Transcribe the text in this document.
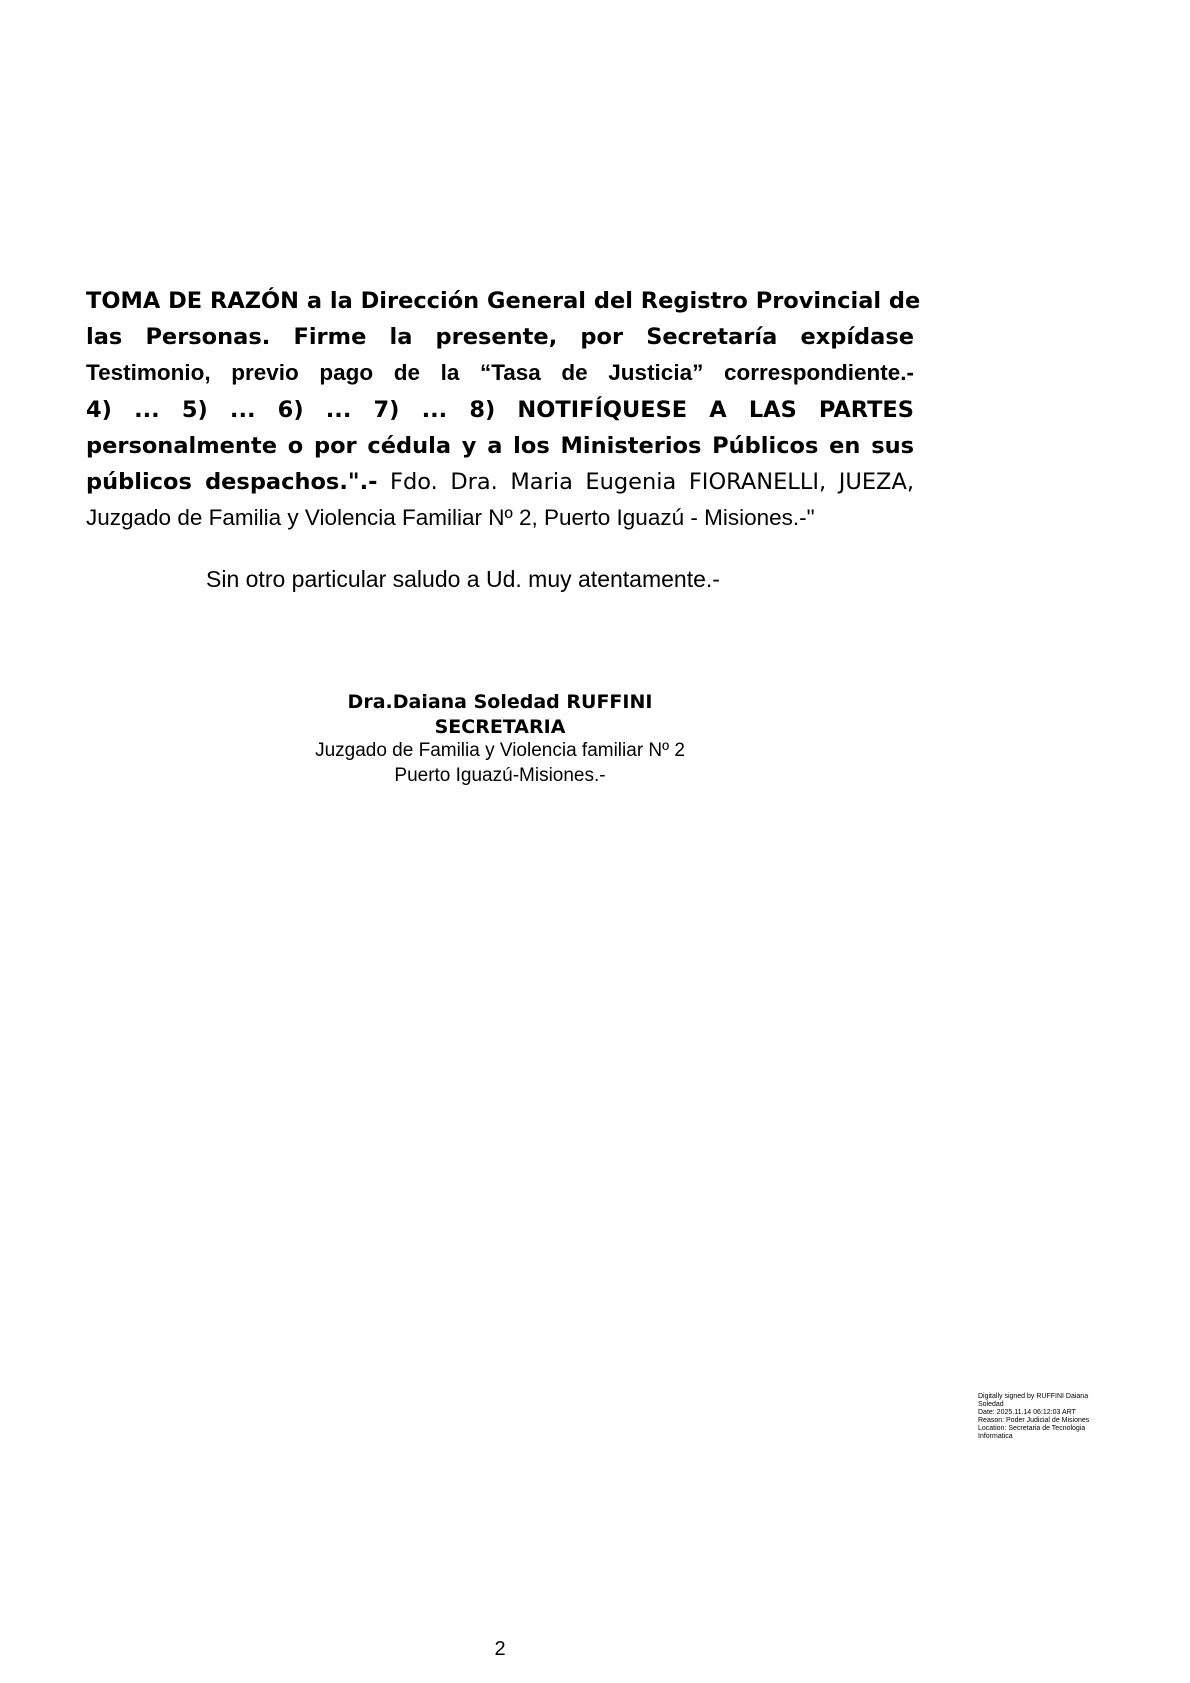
TOMA DE RAZÓN a la Dirección General del Registro Provincial de
las Personas. Firme la presente, por Secretaría expídase
Testimonio, previo pago de la “Tasa de Justicia” correspondiente.-
4) ... 5) ... 6) ... 7) ... 8) NOTIFÍQUESE A LAS PARTES
personalmente o por cédula y a los Ministerios Públicos en sus
públicos despachos.".- Fdo. Dra. Maria Eugenia FIORANELLI, JUEZA,
Juzgado de Familia y Violencia Familiar Nº 2, Puerto Iguazú - Misiones.-"

Sin otro particular saludo a Ud. muy atentamente.-

Dra.Daiana Soledad RUFFINI
SECRETARIA
Juzgado de Familia y Violencia familiar Nº 2
Puerto Iguazú-Misiones.-
Digitally signed by RUFFINI Daiana
Soledad
Date: 2025.11.14 06:12:03 ART
Reason: Poder Judicial de Misiones
Location: Secretaria de Tecnologia
Informatica
2
